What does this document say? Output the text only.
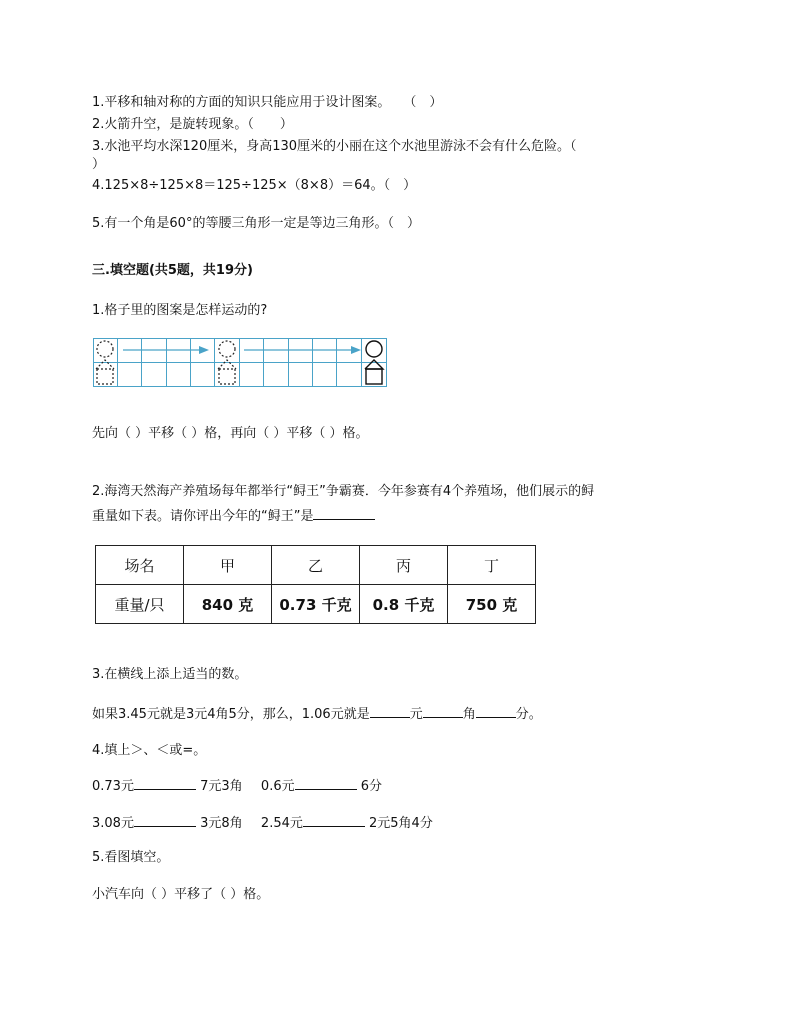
1.平移和轴对称的方面的知识只能应用于设计图案。　　（　）
2.火箭升空，是旋转现象。（　　）
3.水池平均水深120厘米，身高130厘米的小丽在这个水池里游泳不会有什么危险。（
）
4.125×8÷125×8＝125÷125×（8×8）＝64。（　）
5.有一个角是60°的等腰三角形一定是等边三角形。（　）
三.填空题(共5题，共19分)
1.格子里的图案是怎样运动的?
先向（ ）平移（ ）格，再向（ ）平移（ ）格。
2.海湾天然海产养殖场每年都举行“鲟王”争霸赛．今年参赛有4个养殖场，他们展示的鲟
重量如下表。请你评出今年的“鲟王”是
场名	甲	乙	丙	丁
重量/只	840 克	0.73 千克	0.8 千克	750 克
3.在横线上添上适当的数。
如果3.45元就是3元4角5分，那么，1.06元就是	元	角	分。
4.填上＞、＜或=。
0.73元	7元3角 0.6元	6分
3.08元	3元8角 2.54元	2元5角4分
5.看图填空。
小汽车向（ ）平移了（ ）格。
